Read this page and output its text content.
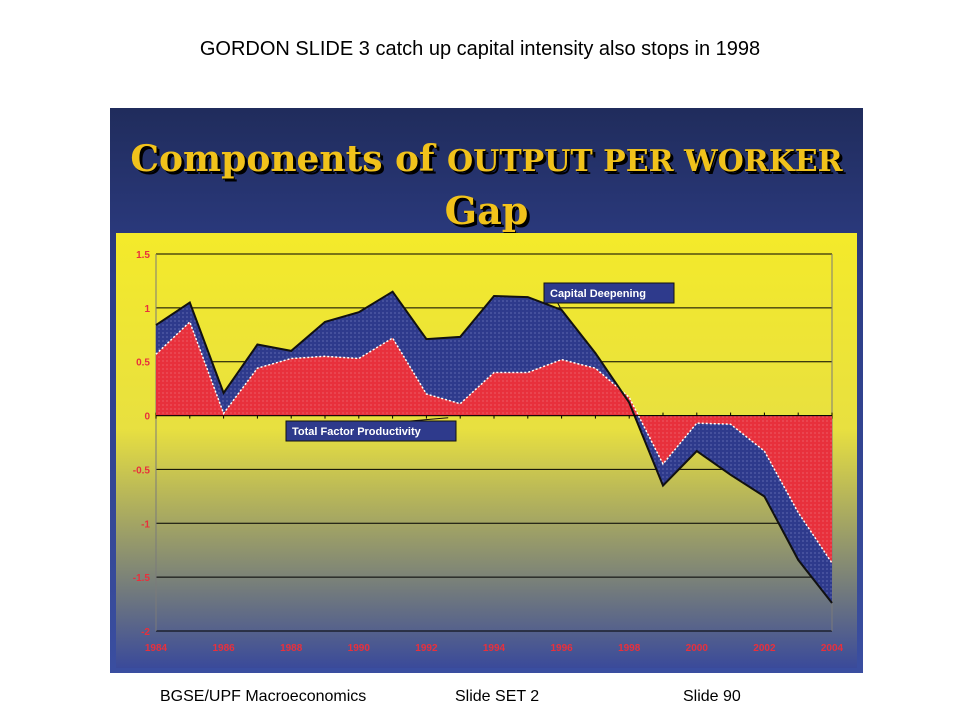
GORDON SLIDE 3 catch up capital intensity also stops in 1998
Components of OUTPUT PER WORKER
Gap
Capital Deepening
Total Factor Productivity
1.5
1
0.5
0
-0.5
-1
-1.5
-2
1984	1986	1988	1990	1992	1994	1996	1998	2000	2002	2004
BGSE/UPF Macroeconomics	Slide SET 2	Slide 90
